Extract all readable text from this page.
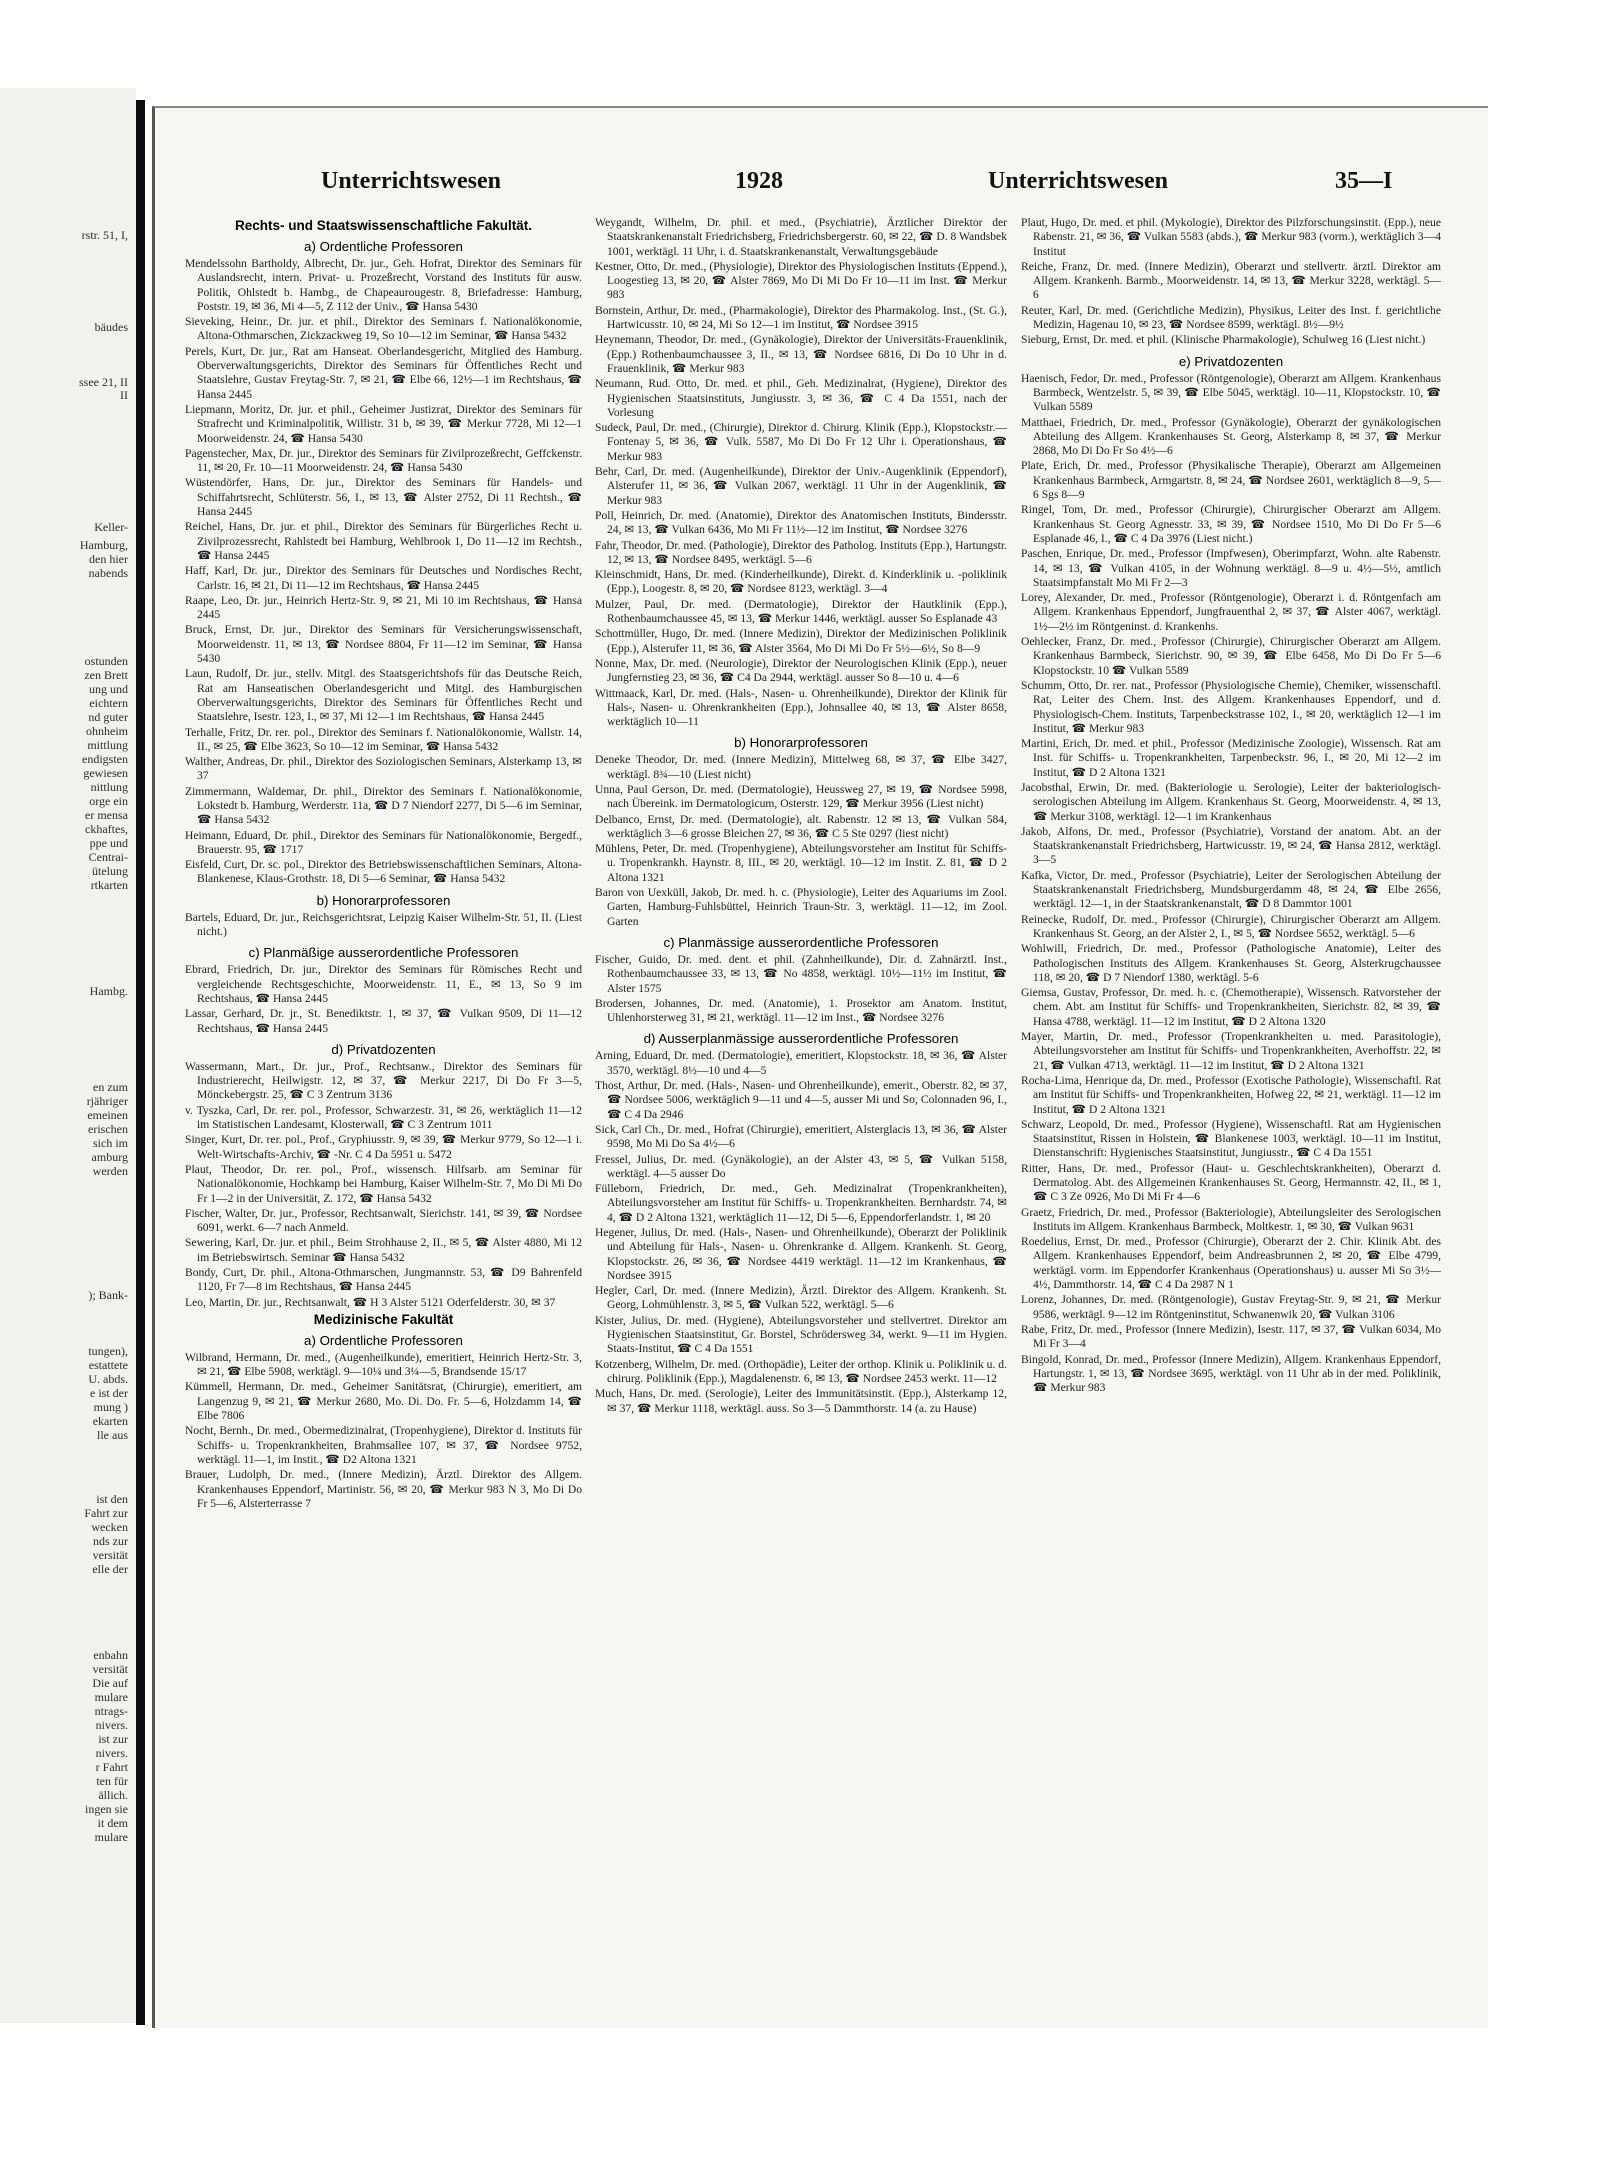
rstr. 51, I,
bäudes
ssee 21, II
II
Keller-
Hamburg,
den hier
nabends
ostunden
zen Brett
ung und
eichtern
nd guter
ohnheim
mittlung
endigsten
gewiesen
nittlung
orge ein
er mensa
ckhaftes,
ppe und
Centrai-
ütelung
rtkarten
Hambg.
en zum
rjähriger
emeinen
erischen
sich im
amburg
werden
); Bank-
tungen),
estattete
U. abds.
e ist der
mung )
ekarten
lle aus
ist den
Fahrt zur
wecken
nds zur
versität
elle der
enbahn
versität
Die auf
mulare
ntrags-
nivers.
ist zur
nivers.
r Fahrt
ten für
ällich.
ingen sie
it dem
mulare
Unterrichtswesen	1928	Unterrichtswesen	35—I
Rechts- und Staatswissenschaftliche Fakultät.
a) Ordentliche Professoren
Mendelssohn Bartholdy, Albrecht, Dr. jur., Geh. Hofrat, Direktor des Seminars für Auslandsrecht, intern. Privat- u. Prozeßrecht, Vorstand des Instituts für ausw. Politik, Ohlstedt b. Hambg., de Chapeaurougestr. 8, Briefadresse: Hamburg, Poststr. 19, ✉ 36, Mi 4—5, Z 112 der Univ., ☎ Hansa 5430
Sieveking, Heinr., Dr. jur. et phil., Direktor des Seminars f. Nationalökonomie, Altona-Othmarschen, Zickzackweg 19, So 10—12 im Seminar, ☎ Hansa 5432
Perels, Kurt, Dr. jur., Rat am Hanseat. Oberlandesgericht, Mitglied des Hamburg. Oberverwaltungsgerichts, Direktor des Seminars für Öffentliches Recht und Staatslehre, Gustav Freytag-Str. 7, ✉ 21, ☎ Elbe 66, 12½—1 im Rechtshaus, ☎ Hansa 2445
Liepmann, Moritz, Dr. jur. et phil., Geheimer Justizrat, Direktor des Seminars für Strafrecht und Kriminalpolitik, Willistr. 31 b, ✉ 39, ☎ Merkur 7728, Mi 12—1 Moorweidenstr. 24, ☎ Hansa 5430
Pagenstecher, Max, Dr. jur., Direktor des Seminars für Zivilprozeßrecht, Geffckenstr. 11, ✉ 20, Fr. 10—11 Moorweidenstr. 24, ☎ Hansa 5430
Wüstendörfer, Hans, Dr. jur., Direktor des Seminars für Handels- und Schiffahrtsrecht, Schlüterstr. 56, I., ✉ 13, ☎ Alster 2752, Di 11 Rechtsh., ☎ Hansa 2445
Reichel, Hans, Dr. jur. et phil., Direktor des Seminars für Bürgerliches Recht u. Zivilprozessrecht, Rahlstedt bei Hamburg, Wehlbrook 1, Do 11—12 im Rechtsh., ☎ Hansa 2445
Haff, Karl, Dr. jur., Direktor des Seminars für Deutsches und Nordisches Recht, Carlstr. 16, ✉ 21, Di 11—12 im Rechtshaus, ☎ Hansa 2445
Raape, Leo, Dr. jur., Heinrich Hertz-Str. 9, ✉ 21, Mi 10 im Rechtshaus, ☎ Hansa 2445
Bruck, Ernst, Dr. jur., Direktor des Seminars für Versicherungswissenschaft, Moorweidenstr. 11, ✉ 13, ☎ Nordsee 8804, Fr 11—12 im Seminar, ☎ Hansa 5430
Laun, Rudolf, Dr. jur., stellv. Mitgl. des Staatsgerichtshofs für das Deutsche Reich, Rat am Hanseatischen Oberlandesgericht und Mitgl. des Hamburgischen Oberverwaltungsgerichts, Direktor des Seminars für Öffentliches Recht und Staatslehre, Isestr. 123, I., ✉ 37, Mi 12—1 im Rechtshaus, ☎ Hansa 2445
Terhalle, Fritz, Dr. rer. pol., Direktor des Seminars f. Nationalökonomie, Wallstr. 14, II., ✉ 25, ☎ Elbe 3623, So 10—12 im Seminar, ☎ Hansa 5432
Walther, Andreas, Dr. phil., Direktor des Soziologischen Seminars, Alsterkamp 13, ✉ 37
Zimmermann, Waldemar, Dr. phil., Direktor des Seminars f. Nationalökonomie, Lokstedt b. Hamburg, Werderstr. 11a, ☎ D 7 Niendorf 2277, Di 5—6 im Seminar, ☎ Hansa 5432
Heimann, Eduard, Dr. phil., Direktor des Seminars für Nationalökonomie, Bergedf., Brauerstr. 95, ☎ 1717
Eisfeld, Curt, Dr. sc. pol., Direktor des Betriebswissenschaftlichen Seminars, Altona-Blankenese, Klaus-Grothstr. 18, Di 5—6 Seminar, ☎ Hansa 5432
b) Honorarprofessoren
Bartels, Eduard, Dr. jur., Reichsgerichtsrat, Leipzig Kaiser Wilhelm-Str. 51, II. (Liest nicht.)
c) Planmäßige ausserordentliche Professoren
Ebrard, Friedrich, Dr. jur., Direktor des Seminars für Römisches Recht und vergleichende Rechtsgeschichte, Moorweidenstr. 11, E., ✉ 13, So 9 im Rechtshaus, ☎ Hansa 2445
Lassar, Gerhard, Dr. jr., St. Benediktstr. 1, ✉ 37, ☎ Vulkan 9509, Di 11—12 Rechtshaus, ☎ Hansa 2445
d) Privatdozenten
Wassermann, Mart., Dr. jur., Prof., Rechtsanw., Direktor des Seminars für Industrierecht, Heilwigstr. 12, ✉ 37, ☎ Merkur 2217, Di Do Fr 3—5, Mönckebergstr. 25, ☎ C 3 Zentrum 3136
v. Tyszka, Carl, Dr. rer. pol., Professor, Schwarzestr. 31, ✉ 26, werktäglich 11—12 im Statistischen Landesamt, Klosterwall, ☎ C 3 Zentrum 1011
Singer, Kurt, Dr. rer. pol., Prof., Gryphiusstr. 9, ✉ 39, ☎ Merkur 9779, So 12—1 i. Welt-Wirtschafts-Archiv, ☎ -Nr. C 4 Da 5951 u. 5472
Plaut, Theodor, Dr. rer. pol., Prof., wissensch. Hilfsarb. am Seminar für Nationalökonomie, Hochkamp bei Hamburg, Kaiser Wilhelm-Str. 7, Mo Di Mi Do Fr 1—2 in der Universität, Z. 172, ☎ Hansa 5432
Fischer, Walter, Dr. jur., Professor, Rechtsanwalt, Sierichstr. 141, ✉ 39, ☎ Nordsee 6091, werkt. 6—7 nach Anmeld.
Sewering, Karl, Dr. jur. et phil., Beim Strohhause 2, II., ✉ 5, ☎ Alster 4880, Mi 12 im Betriebswirtsch. Seminar ☎ Hansa 5432
Bondy, Curt, Dr. phil., Altona-Othmarschen, Jungmannstr. 53, ☎ D9 Bahrenfeld 1120, Fr 7—8 im Rechtshaus, ☎ Hansa 2445
Leo, Martin, Dr. jur., Rechtsanwalt, ☎ H 3 Alster 5121 Oderfelderstr. 30, ✉ 37
Medizinische Fakultät
a) Ordentliche Professoren
Wilbrand, Hermann, Dr. med., (Augenheilkunde), emeritiert, Heinrich Hertz-Str. 3, ✉ 21, ☎ Elbe 5908, werktägl. 9—10¼ und 3¼—5, Brandsende 15/17
Kümmell, Hermann, Dr. med., Geheimer Sanitätsrat, (Chirurgie), emeritiert, am Langenzug 9, ✉ 21, ☎ Merkur 2680, Mo. Di. Do. Fr. 5—6, Holzdamm 14, ☎ Elbe 7806
Nocht, Bernh., Dr. med., Obermedizinalrat, (Tropenhygiene), Direktor d. Instituts für Schiffs- u. Tropenkrankheiten, Brahmsallee 107, ✉ 37, ☎ Nordsee 9752, werktägl. 11—1, im Instit., ☎ D2 Altona 1321
Brauer, Ludolph, Dr. med., (Innere Medizin), Ärztl. Direktor des Allgem. Krankenhauses Eppendorf, Martinistr. 56, ✉ 20, ☎ Merkur 983 N 3, Mo Di Do Fr 5—6, Alsterterrasse 7
Weygandt, Wilhelm, Dr. phil. et med., (Psychiatrie), Ärztlicher Direktor der Staatskrankenanstalt Friedrichsberg, Friedrichsbergerstr. 60, ✉ 22, ☎ D. 8 Wandsbek 1001, werktägl. 11 Uhr, i. d. Staatskrankenanstalt, Verwaltungsgebäude
Kestner, Otto, Dr. med., (Physiologie), Direktor des Physiologischen Instituts (Eppend.), Loogestieg 13, ✉ 20, ☎ Alster 7869, Mo Di Mi Do Fr 10—11 im Inst. ☎ Merkur 983
Bornstein, Arthur, Dr. med., (Pharmakologie), Direktor des Pharmakolog. Inst., (St. G.), Hartwicusstr. 10, ✉ 24, Mi So 12—1 im Institut, ☎ Nordsee 3915
Heynemann, Theodor, Dr. med., (Gynäkologie), Direktor der Universitäts-Frauenklinik, (Epp.) Rothenbaumchaussee 3, II., ✉ 13, ☎ Nordsee 6816, Di Do 10 Uhr in d. Frauenklinik, ☎ Merkur 983
Neumann, Rud. Otto, Dr. med. et phil., Geh. Medizinalrat, (Hygiene), Direktor des Hygienischen Staatsinstituts, Jungiusstr. 3, ✉ 36, ☎ C 4 Da 1551, nach der Vorlesung
Sudeck, Paul, Dr. med., (Chirurgie), Direktor d. Chirurg. Klinik (Epp.), Klopstockstr.—Fontenay 5, ✉ 36, ☎ Vulk. 5587, Mo Di Do Fr 12 Uhr i. Operationshaus, ☎ Merkur 983
Behr, Carl, Dr. med. (Augenheilkunde), Direktor der Univ.-Augenklinik (Eppendorf), Alsterufer 11, ✉ 36, ☎ Vulkan 2067, werktägl. 11 Uhr in der Augenklinik, ☎ Merkur 983
Poll, Heinrich, Dr. med. (Anatomie), Direktor des Anatomischen Instituts, Bindersstr. 24, ✉ 13, ☎ Vulkan 6436, Mo Mi Fr 11½—12 im Institut, ☎ Nordsee 3276
Fahr, Theodor, Dr. med. (Pathologie), Direktor des Patholog. Instituts (Epp.), Hartungstr. 12, ✉ 13, ☎ Nordsee 8495, werktägl. 5—6
Kleinschmidt, Hans, Dr. med. (Kinderheilkunde), Direkt. d. Kinderklinik u. -poliklinik (Epp.), Loogestr. 8, ✉ 20, ☎ Nordsee 8123, werktägl. 3—4
Mulzer, Paul, Dr. med. (Dermatologie), Direktor der Hautklinik (Epp.), Rothenbaumchaussee 45, ✉ 13, ☎ Merkur 1446, werktägl. ausser So Esplanade 43
Schottmüller, Hugo, Dr. med. (Innere Medizin), Direktor der Medizinischen Poliklinik (Epp.), Alsterufer 11, ✉ 36, ☎ Alster 3564, Mo Di Mi Do Fr 5½—6½, So 8—9
Nonne, Max, Dr. med. (Neurologie), Direktor der Neurologischen Klinik (Epp.), neuer Jungfernstieg 23, ✉ 36, ☎ C4 Da 2944, werktägl. ausser So 8—10 u. 4—6
Wittmaack, Karl, Dr. med. (Hals-, Nasen- u. Ohrenheilkunde), Direktor der Klinik für Hals-, Nasen- u. Ohrenkrankheiten (Epp.), Johnsallee 40, ✉ 13, ☎ Alster 8658, werktäglich 10—11
b) Honorarprofessoren
Deneke Theodor, Dr. med. (Innere Medizin), Mittelweg 68, ✉ 37, ☎ Elbe 3427, werktägl. 8¾—10 (Liest nicht)
Unna, Paul Gerson, Dr. med. (Dermatologie), Heussweg 27, ✉ 19, ☎ Nordsee 5998, nach Übereink. im Dermatologicum, Osterstr. 129, ☎ Merkur 3956 (Liest nicht)
Delbanco, Ernst, Dr. med. (Dermatologie), alt. Rabenstr. 12 ✉ 13, ☎ Vulkan 584, werktäglich 3—6 grosse Bleichen 27, ✉ 36, ☎ C 5 Ste 0297 (liest nicht)
Mühlens, Peter, Dr. med. (Tropenhygiene), Abteilungsvorsteher am Institut für Schiffs- u. Tropenkrankh. Haynstr. 8, III., ✉ 20, werktägl. 10—12 im Instit. Z. 81, ☎ D 2 Altona 1321
Baron von Uexküll, Jakob, Dr. med. h. c. (Physiologie), Leiter des Aquariums im Zool. Garten, Hamburg-Fuhlsbüttel, Heinrich Traun-Str. 3, werktägl. 11—12, im Zool. Garten
c) Planmässige ausserordentliche Professoren
Fischer, Guido, Dr. med. dent. et phil. (Zahnheilkunde), Dir. d. Zahnärztl. Inst., Rothenbaumchaussee 33, ✉ 13, ☎ No 4858, werktägl. 10½—11½ im Institut, ☎ Alster 1575
Brodersen, Johannes, Dr. med. (Anatomie), 1. Prosektor am Anatom. Institut, Uhlenhorsterweg 31, ✉ 21, werktägl. 11—12 im Inst., ☎ Nordsee 3276
d) Ausserplanmässige ausserordentliche Professoren
Arning, Eduard, Dr. med. (Dermatologie), emeritiert, Klopstockstr. 18, ✉ 36, ☎ Alster 3570, werktägl. 8½—10 und 4—5
Thost, Arthur, Dr. med. (Hals-, Nasen- und Ohrenheilkunde), emerit., Oberstr. 82, ✉ 37, ☎ Nordsee 5006, werktäglich 9—11 und 4—5, ausser Mi und So, Colonnaden 96, I., ☎ C 4 Da 2946
Sick, Carl Ch., Dr. med., Hofrat (Chirurgie), emeritiert, Alsterglacis 13, ✉ 36, ☎ Alster 9598, Mo Mi Do Sa 4½—6
Fressel, Julius, Dr. med. (Gynäkologie), an der Alster 43, ✉ 5, ☎ Vulkan 5158, werktägl. 4—5 ausser Do
Fülleborn, Friedrich, Dr. med., Geh. Medizinalrat (Tropenkrankheiten), Abteilungsvorsteher am Institut für Schiffs- u. Tropenkrankheiten. Bernhardstr. 74, ✉ 4, ☎ D 2 Altona 1321, werktäglich 11—12, Di 5—6, Eppendorferlandstr. 1, ✉ 20
Hegener, Julius, Dr. med. (Hals-, Nasen- und Ohrenheilkunde), Oberarzt der Poliklinik und Abteilung für Hals-, Nasen- u. Ohrenkranke d. Allgem. Krankenh. St. Georg, Klopstockstr. 26, ✉ 36, ☎ Nordsee 4419 werktägl. 11—12 im Krankenhaus, ☎ Nordsee 3915
Hegler, Carl, Dr. med. (Innere Medizin), Ärztl. Direktor des Allgem. Krankenh. St. Georg, Lohmühlenstr. 3, ✉ 5, ☎ Vulkan 522, werktägl. 5—6
Kister, Julius, Dr. med. (Hygiene), Abteilungsvorsteher und stellvertret. Direktor am Hygienischen Staatsinstitut, Gr. Borstel, Schrödersweg 34, werkt. 9—11 im Hygien. Staats-Institut, ☎ C 4 Da 1551
Kotzenberg, Wilhelm, Dr. med. (Orthopädie), Leiter der orthop. Klinik u. Poliklinik u. d. chirurg. Poliklinik (Epp.), Magdalenenstr. 6, ✉ 13, ☎ Nordsee 2453 werkt. 11—12
Much, Hans, Dr. med. (Serologie), Leiter des Immunitätsinstit. (Epp.), Alsterkamp 12, ✉ 37, ☎ Merkur 1118, werktägl. auss. So 3—5 Dammthorstr. 14 (a. zu Hause)
Plaut, Hugo, Dr. med. et phil. (Mykologie), Direktor des Pilzforschungsinstit. (Epp.), neue Rabenstr. 21, ✉ 36, ☎ Vulkan 5583 (abds.), ☎ Merkur 983 (vorm.), werktäglich 3—4 Institut
Reiche, Franz, Dr. med. (Innere Medizin), Oberarzt und stellvertr. ärztl. Direktor am Allgem. Krankenh. Barmb., Moorweidenstr. 14, ✉ 13, ☎ Merkur 3228, werktägl. 5—6
Reuter, Karl, Dr. med. (Gerichtliche Medizin), Physikus, Leiter des Inst. f. gerichtliche Medizin, Hagenau 10, ✉ 23, ☎ Nordsee 8599, werktägl. 8½—9½
Sieburg, Ernst, Dr. med. et phil. (Klinische Pharmakologie), Schulweg 16 (Liest nicht.)
e) Privatdozenten
Haenisch, Fedor, Dr. med., Professor (Röntgenologie), Oberarzt am Allgem. Krankenhaus Barmbeck, Wentzelstr. 5, ✉ 39, ☎ Elbe 5045, werktägl. 10—11, Klopstockstr. 10, ☎ Vulkan 5589
Matthaei, Friedrich, Dr. med., Professor (Gynäkologie), Oberarzt der gynäkologischen Abteilung des Allgem. Krankenhauses St. Georg, Alsterkamp 8, ✉ 37, ☎ Merkur 2868, Mo Di Do Fr So 4½—6
Plate, Erich, Dr. med., Professor (Physikalische Therapie), Oberarzt am Allgemeinen Krankenhaus Barmbeck, Armgartstr. 8, ✉ 24, ☎ Nordsee 2601, werktäglich 8—9, 5—6 Sgs 8—9
Ringel, Tom, Dr. med., Professor (Chirurgie), Chirurgischer Oberarzt am Allgem. Krankenhaus St. Georg Agnesstr. 33, ✉ 39, ☎ Nordsee 1510, Mo Di Do Fr 5—6 Esplanade 46, I., ☎ C 4 Da 3976 (Liest nicht.)
Paschen, Enrique, Dr. med., Professor (Impfwesen), Oberimpfarzt, Wohn. alte Rabenstr. 14, ✉ 13, ☎ Vulkan 4105, in der Wohnung werktägl. 8—9 u. 4½—5½, amtlich Staatsimpfanstalt Mo Mi Fr 2—3
Lorey, Alexander, Dr. med., Professor (Röntgenologie), Oberarzt i. d. Röntgenfach am Allgem. Krankenhaus Eppendorf, Jungfrauenthal 2, ✉ 37, ☎ Alster 4067, werktägl. 1½—2½ im Röntgeninst. d. Krankenhs.
Oehlecker, Franz, Dr. med., Professor (Chirurgie), Chirurgischer Oberarzt am Allgem. Krankenhaus Barmbeck, Sierichstr. 90, ✉ 39, ☎ Elbe 6458, Mo Di Do Fr 5—6 Klopstockstr. 10 ☎ Vulkan 5589
Schumm, Otto, Dr. rer. nat., Professor (Physiologische Chemie), Chemiker, wissenschaftl. Rat, Leiter des Chem. Inst. des Allgem. Krankenhauses Eppendorf, und d. Physiologisch-Chem. Instituts, Tarpenbeckstrasse 102, I., ✉ 20, werktäglich 12—1 im Institut, ☎ Merkur 983
Martini, Erich, Dr. med. et phil., Professor (Medizinische Zoologie), Wissensch. Rat am Inst. für Schiffs- u. Tropenkrankheiten, Tarpenbeckstr. 96, I., ✉ 20, Mi 12—2 im Institut, ☎ D 2 Altona 1321
Jacobsthal, Erwin, Dr. med. (Bakteriologie u. Serologie), Leiter der bakteriologisch-serologischen Abteilung im Allgem. Krankenhaus St. Georg, Moorweidenstr. 4, ✉ 13, ☎ Merkur 3108, werktägl. 12—1 im Krankenhaus
Jakob, Alfons, Dr. med., Professor (Psychiatrie), Vorstand der anatom. Abt. an der Staatskrankenanstalt Friedrichsberg, Hartwicusstr. 19, ✉ 24, ☎ Hansa 2812, werktägl. 3—5
Kafka, Victor, Dr. med., Professor (Psychiatrie), Leiter der Serologischen Abteilung der Staatskrankenanstalt Friedrichsberg, Mundsburgerdamm 48, ✉ 24, ☎ Elbe 2656, werktägl. 12—1, in der Staatskrankenanstalt, ☎ D 8 Dammtor 1001
Reinecke, Rudolf, Dr. med., Professor (Chirurgie), Chirurgischer Oberarzt am Allgem. Krankenhaus St. Georg, an der Alster 2, I., ✉ 5, ☎ Nordsee 5652, werktägl. 5—6
Wohlwill, Friedrich, Dr. med., Professor (Pathologische Anatomie), Leiter des Pathologischen Instituts des Allgem. Krankenhauses St. Georg, Alsterkrugchaussee 118, ✉ 20, ☎ D 7 Niendorf 1380, werktägl. 5-6
Giemsa, Gustav, Professor, Dr. med. h. c. (Chemotherapie), Wissensch. Ratvorsteher der chem. Abt. am Institut für Schiffs- und Tropenkrankheiten, Sierichstr. 82, ✉ 39, ☎ Hansa 4788, werktägl. 11—12 im Institut, ☎ D 2 Altona 1320
Mayer, Martin, Dr. med., Professor (Tropenkrankheiten u. med. Parasitologie), Abteilungsvorsteher am Institut für Schiffs- und Tropenkrankheiten, Averhoffstr. 22, ✉ 21, ☎ Vulkan 4713, werktägl. 11—12 im Institut, ☎ D 2 Altona 1321
Rocha-Lima, Henrique da, Dr. med., Professor (Exotische Pathologie), Wissenschaftl. Rat am Institut für Schiffs- und Tropenkrankheiten, Hofweg 22, ✉ 21, werktägl. 11—12 im Institut, ☎ D 2 Altona 1321
Schwarz, Leopold, Dr. med., Professor (Hygiene), Wissenschaftl. Rat am Hygienischen Staatsinstitut, Rissen in Holstein, ☎ Blankenese 1003, werktägl. 10—11 im Institut, Dienstanschrift: Hygienisches Staatsinstitut, Jungiusstr., ☎ C 4 Da 1551
Ritter, Hans, Dr. med., Professor (Haut- u. Geschlechtskrankheiten), Oberarzt d. Dermatolog. Abt. des Allgemeinen Krankenhauses St. Georg, Hermannstr. 42, II., ✉ 1, ☎ C 3 Ze 0926, Mo Di Mi Fr 4—6
Graetz, Friedrich, Dr. med., Professor (Bakteriologie), Abteilungsleiter des Serologischen Instituts im Allgem. Krankenhaus Barmbeck, Moltkestr. 1, ✉ 30, ☎ Vulkan 9631
Roedelius, Ernst, Dr. med., Professor (Chirurgie), Oberarzt der 2. Chir. Klinik Abt. des Allgem. Krankenhauses Eppendorf, beim Andreasbrunnen 2, ✉ 20, ☎ Elbe 4799, werktägl. vorm. im Eppendorfer Krankenhaus (Operationshaus) u. ausser Mi So 3½—4½, Dammthorstr. 14, ☎ C 4 Da 2987 N 1
Lorenz, Johannes, Dr. med. (Röntgenologie), Gustav Freytag-Str. 9, ✉ 21, ☎ Merkur 9586, werktägl. 9—12 im Röntgeninstitut, Schwanenwik 20, ☎ Vulkan 3106
Rabe, Fritz, Dr. med., Professor (Innere Medizin), Isestr. 117, ✉ 37, ☎ Vulkan 6034, Mo Mi Fr 3—4
Bingold, Konrad, Dr. med., Professor (Innere Medizin), Allgem. Krankenhaus Eppendorf, Hartungstr. 1, ✉ 13, ☎ Nordsee 3695, werktägl. von 11 Uhr ab in der med. Poliklinik, ☎ Merkur 983
